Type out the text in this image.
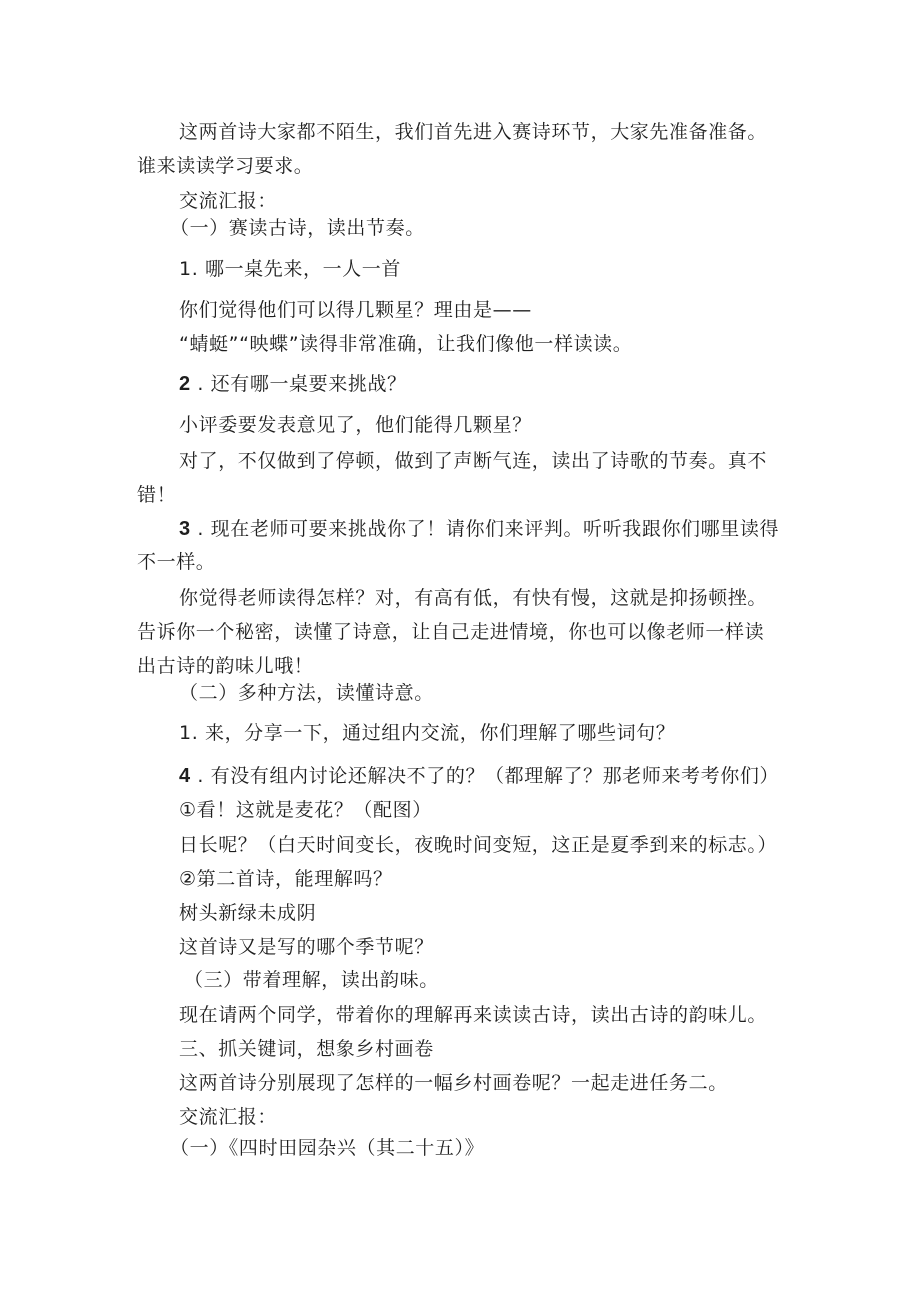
这两首诗大家都不陌生，我们首先进入赛诗环节，大家先准备准备。
谁来读读学习要求。
交流汇报：
（一）赛读古诗，读出节奏。
1. 哪一桌先来，一人一首
你们觉得他们可以得几颗星？理由是——
“蜻蜓”“映蝶”读得非常准确，让我们像他一样读读。
2 . 还有哪一桌要来挑战？
小评委要发表意见了，他们能得几颗星？
对了，不仅做到了停顿，做到了声断气连，读出了诗歌的节奏。真不
错！
3 . 现在老师可要来挑战你了！请你们来评判。听听我跟你们哪里读得
不一样。
你觉得老师读得怎样？对，有高有低，有快有慢，这就是抑扬顿挫。
告诉你一个秘密，读懂了诗意，让自己走进情境，你也可以像老师一样读
出古诗的韵味儿哦！
（二）多种方法，读懂诗意。
1. 来，分享一下，通过组内交流，你们理解了哪些词句？
4 . 有没有组内讨论还解决不了的？（都理解了？那老师来考考你们）
①看！这就是麦花？（配图）
日长呢？（白天时间变长，夜晚时间变短，这正是夏季到来的标志。）
②第二首诗，能理解吗？
树头新绿未成阴
这首诗又是写的哪个季节呢？
（三）带着理解，读出韵味。
现在请两个同学，带着你的理解再来读读古诗，读出古诗的韵味儿。
三、抓关键词，想象乡村画卷
这两首诗分别展现了怎样的一幅乡村画卷呢？一起走进任务二。
交流汇报：
（一）《四时田园杂兴（其二十五）》
